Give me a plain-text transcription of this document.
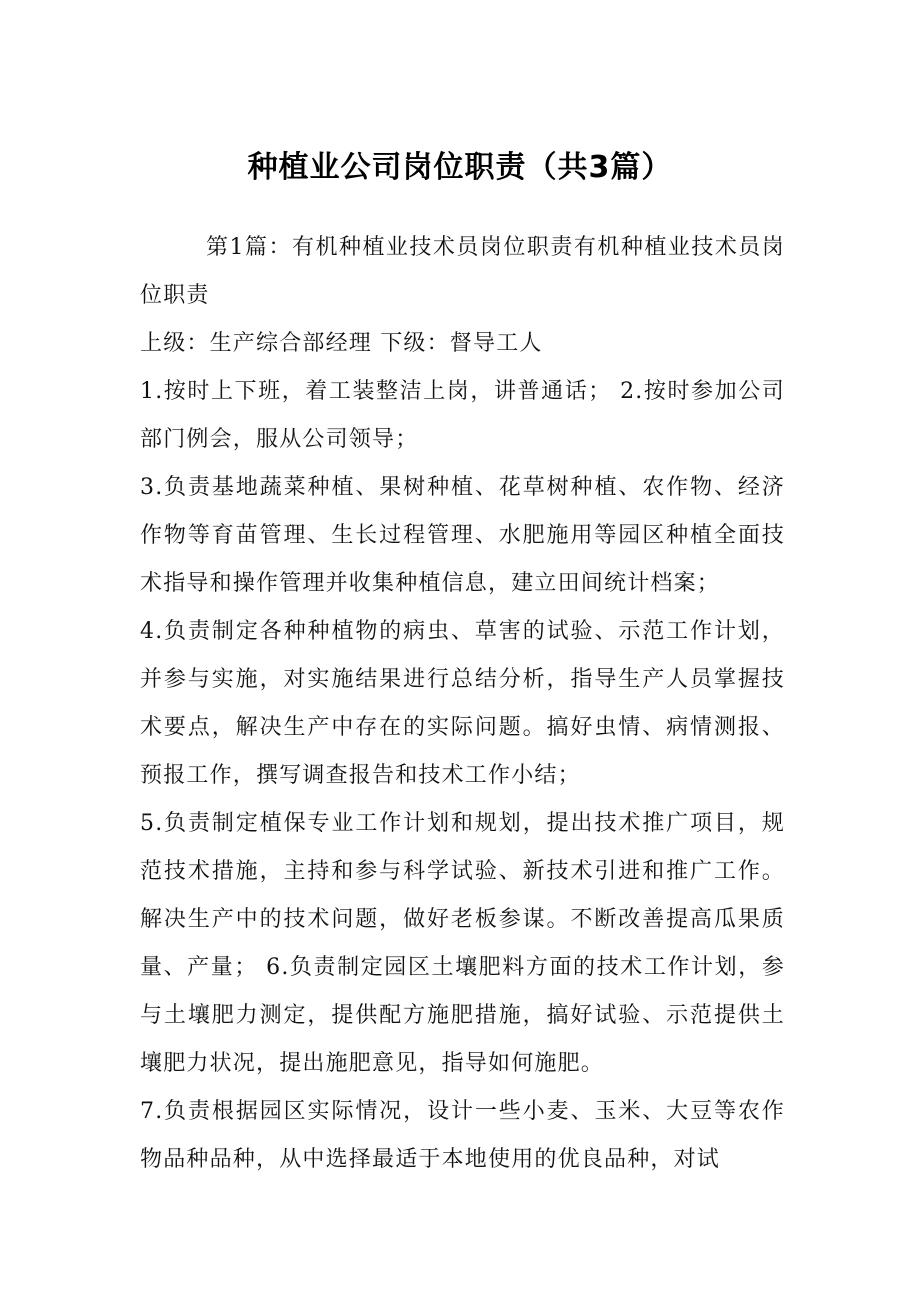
种植业公司岗位职责（共3篇）

第1篇：有机种植业技术员岗位职责有机种植业技术员岗位职责

上级：生产综合部经理 下级：督导工人

1.按时上下班，着工装整洁上岗，讲普通话； 2.按时参加公司部门例会，服从公司领导；

3.负责基地蔬菜种植、果树种植、花草树种植、农作物、经济作物等育苗管理、生长过程管理、水肥施用等园区种植全面技术指导和操作管理并收集种植信息，建立田间统计档案；

4.负责制定各种种植物的病虫、草害的试验、示范工作计划，并参与实施，对实施结果进行总结分析，指导生产人员掌握技术要点，解决生产中存在的实际问题。搞好虫情、病情测报、预报工作，撰写调查报告和技术工作小结；

5.负责制定植保专业工作计划和规划，提出技术推广项目，规范技术措施，主持和参与科学试验、新技术引进和推广工作。解决生产中的技术问题，做好老板参谋。不断改善提高瓜果质量、产量； 6.负责制定园区土壤肥料方面的技术工作计划，参与土壤肥力测定，提供配方施肥措施，搞好试验、示范提供土壤肥力状况，提出施肥意见，指导如何施肥。

7.负责根据园区实际情况，设计一些小麦、玉米、大豆等农作物品种品种，从中选择最适于本地使用的优良品种，对试
